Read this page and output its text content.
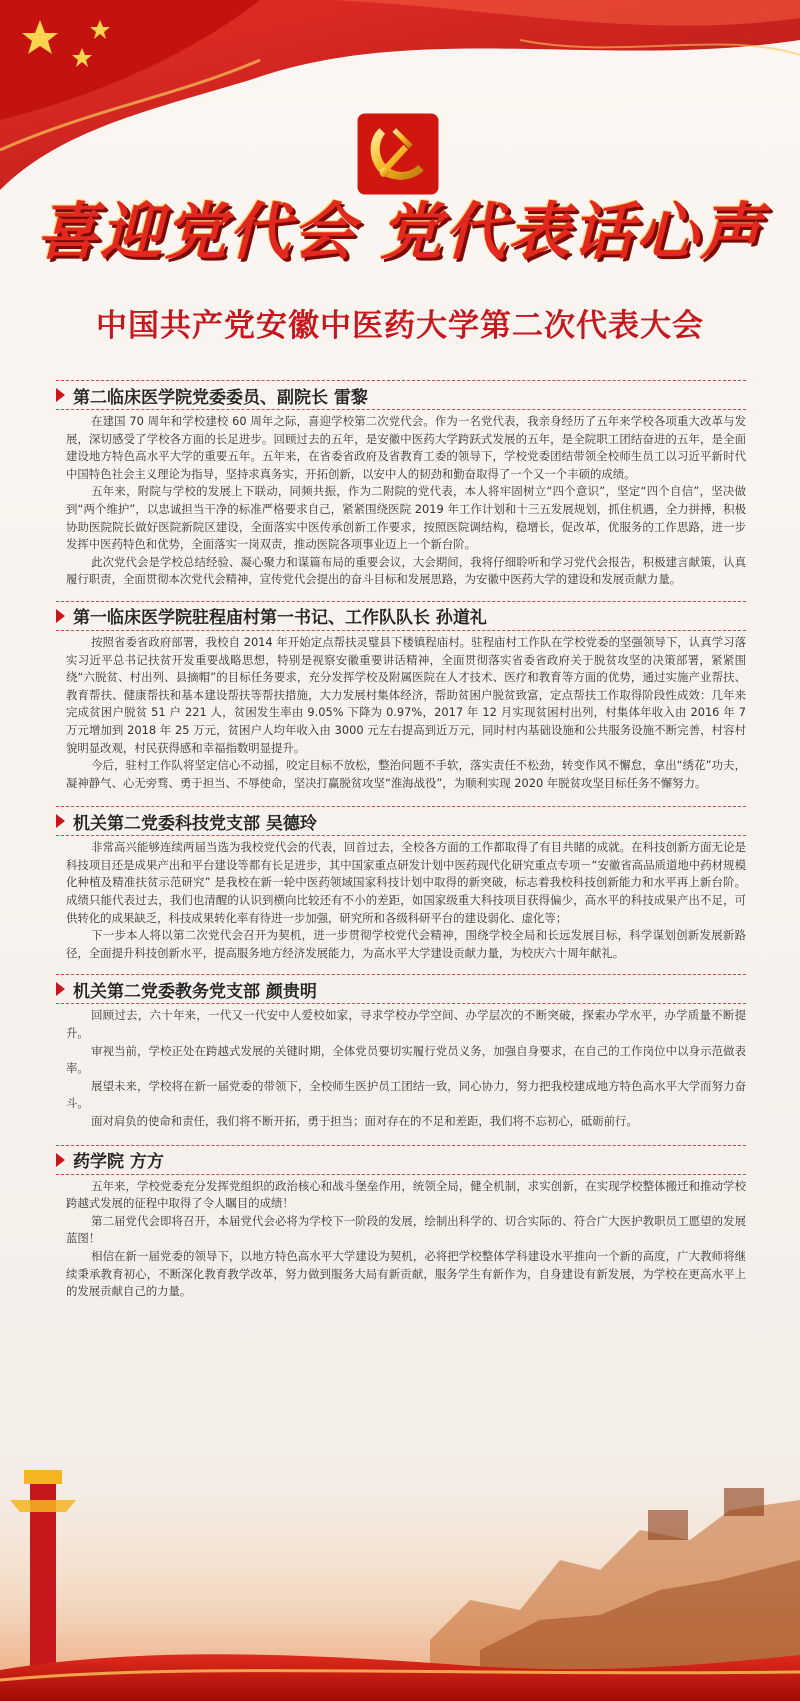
喜迎党代会 党代表话心声
中国共产党安徽中医药大学第二次代表大会
第二临床医学院党委委员、副院长 雷黎

在建国 70 周年和学校建校 60 周年之际，喜迎学校第二次党代会。作为一名党代表，我亲身经历了五年来学校各项重大改革与发展，深切感受了学校各方面的长足进步。回顾过去的五年，是安徽中医药大学跨跃式发展的五年，是全院职工团结奋进的五年，是全面建设地方特色高水平大学的重要五年。五年来，在省委省政府及省教育工委的领导下，学校党委团结带领全校师生员工以习近平新时代中国特色社会主义理论为指导，坚持求真务实，开拓创新，以安中人的韧劲和勤奋取得了一个又一个丰硕的成绩。

五年来，附院与学校的发展上下联动，同频共振，作为二附院的党代表，本人将牢固树立“四个意识”，坚定“四个自信”，坚决做到“两个维护”，以忠诚担当干净的标准严格要求自己，紧紧围绕医院 2019 年工作计划和十三五发展规划，抓住机遇，全力拼搏，积极协助医院院长做好医院新院区建设，全面落实中医传承创新工作要求，按照医院调结构，稳增长，促改革，优服务的工作思路，进一步发挥中医药特色和优势，全面落实一岗双责，推动医院各项事业迈上一个新台阶。

此次党代会是学校总结经验、凝心聚力和谋篇布局的重要会议，大会期间，我将仔细聆听和学习党代会报告，积极建言献策，认真履行职责，全面贯彻本次党代会精神，宣传党代会提出的奋斗目标和发展思路，为安徽中医药大学的建设和发展贡献力量。

第一临床医学院驻程庙村第一书记、工作队队长 孙道礼

按照省委省政府部署，我校自 2014 年开始定点帮扶灵璧县下楼镇程庙村。驻程庙村工作队在学校党委的坚强领导下，认真学习落实习近平总书记扶贫开发重要战略思想，特别是视察安徽重要讲话精神，全面贯彻落实省委省政府关于脱贫攻坚的决策部署，紧紧围绕“六脱贫、村出列、县摘帽”的目标任务要求，充分发挥学校及附属医院在人才技术、医疗和教育等方面的优势，通过实施产业帮扶、教育帮扶、健康帮扶和基本建设帮扶等帮扶措施，大力发展村集体经济，帮助贫困户脱贫致富，定点帮扶工作取得阶段性成效：几年来完成贫困户脱贫 51 户 221 人，贫困发生率由 9.05% 下降为 0.97%，2017 年 12 月实现贫困村出列，村集体年收入由 2016 年 7 万元增加到 2018 年 25 万元，贫困户人均年收入由 3000 元左右提高到近万元，同时村内基础设施和公共服务设施不断完善，村容村貌明显改观，村民获得感和幸福指数明显提升。

今后，驻村工作队将坚定信心不动摇，咬定目标不放松，整治问题不手软，落实责任不松劲，转变作风不懈怠，拿出“绣花”功夫，凝神静气、心无旁骛、勇于担当、不辱使命，坚决打赢脱贫攻坚“淮海战役”，为顺利实现 2020 年脱贫攻坚目标任务不懈努力。

机关第二党委科技党支部 吴德玲

非常高兴能够连续两届当选为我校党代会的代表，回首过去，全校各方面的工作都取得了有目共睹的成就。在科技创新方面无论是科技项目还是成果产出和平台建设等都有长足进步，其中国家重点研发计划中医药现代化研究重点专项－“安徽省高品质道地中药材规模化种植及精准扶贫示范研究” 是我校在新一轮中医药领域国家科技计划中取得的新突破，标志着我校科技创新能力和水平再上新台阶。成绩只能代表过去，我们也清醒的认识到横向比较还有不小的差距，如国家级重大科技项目获得偏少，高水平的科技成果产出不足，可供转化的成果缺乏，科技成果转化率有待进一步加强，研究所和各级科研平台的建设弱化、虚化等；

下一步本人将以第二次党代会召开为契机，进一步贯彻学校党代会精神，围绕学校全局和长远发展目标，科学谋划创新发展新路径，全面提升科技创新水平，提高服务地方经济发展能力，为高水平大学建设贡献力量，为校庆六十周年献礼。

机关第二党委教务党支部 颜贵明

回顾过去，六十年来，一代又一代安中人爱校如家，寻求学校办学空间、办学层次的不断突破，探索办学水平，办学质量不断提升。

审视当前，学校正处在跨越式发展的关键时期，全体党员要切实履行党员义务，加强自身要求，在自己的工作岗位中以身示范做表率。

展望未来，学校将在新一届党委的带领下，全校师生医护员工团结一致，同心协力，努力把我校建成地方特色高水平大学而努力奋斗。

面对肩负的使命和责任，我们将不断开拓，勇于担当；面对存在的不足和差距，我们将不忘初心，砥砺前行。

药学院 方方

五年来，学校党委充分发挥党组织的政治核心和战斗堡垒作用，统领全局，健全机制，求实创新，在实现学校整体搬迁和推动学校跨越式发展的征程中取得了令人瞩目的成绩！

第二届党代会即将召开，本届党代会必将为学校下一阶段的发展，绘制出科学的、切合实际的、符合广大医护教职员工愿望的发展蓝图！

相信在新一届党委的领导下，以地方特色高水平大学建设为契机，必将把学校整体学科建设水平推向一个新的高度，广大教师将继续秉承教育初心，不断深化教育教学改革，努力做到服务大局有新贡献，服务学生有新作为，自身建设有新发展，为学校在更高水平上的发展贡献自己的力量。
